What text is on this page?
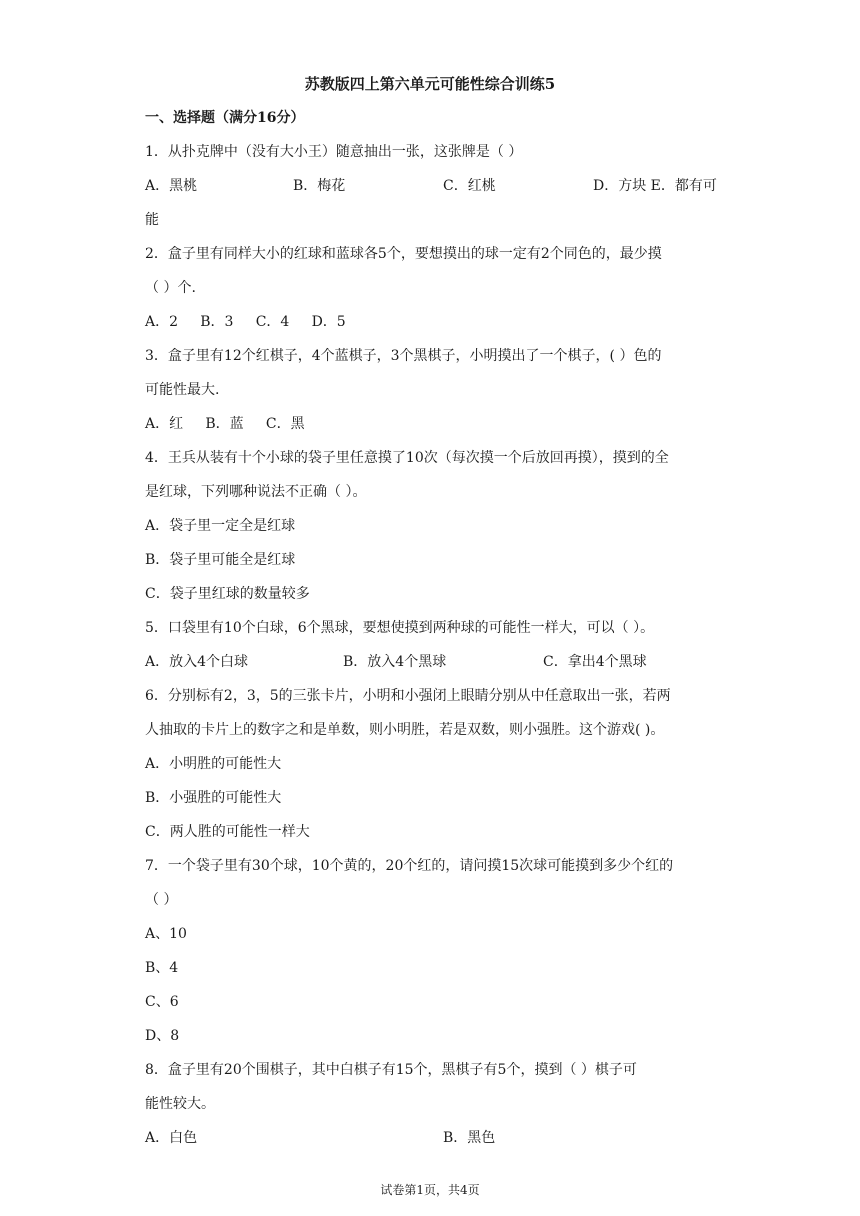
苏教版四上第六单元可能性综合训练5
一、选择题（满分16分）
1．从扑克牌中（没有大小王）随意抽出一张，这张牌是（ ）
A．黑桃	B．梅花	C．红桃	D．方块 E．都有可
能
2．盒子里有同样大小的红球和蓝球各5个，要想摸出的球一定有2个同色的，最少摸
（ ）个.
A．2     B．3     C．4     D．5
3．盒子里有12个红棋子，4个蓝棋子，3个黑棋子，小明摸出了一个棋子，( ）色的
可能性最大.
A．红     B．蓝     C．黑
4．王兵从装有十个小球的袋子里任意摸了10次（每次摸一个后放回再摸），摸到的全
是红球，下列哪种说法不正确（ ）。
A．袋子里一定全是红球
B．袋子里可能全是红球
C．袋子里红球的数量较多
5．口袋里有10个白球，6个黑球，要想使摸到两种球的可能性一样大，可以（ ）。
A．放入4个白球	B．放入4个黑球	C．拿出4个黑球
6．分别标有2，3，5的三张卡片，小明和小强闭上眼睛分别从中任意取出一张，若两
人抽取的卡片上的数字之和是单数，则小明胜，若是双数，则小强胜。这个游戏( )。
A．小明胜的可能性大
B．小强胜的可能性大
C．两人胜的可能性一样大
7．一个袋子里有30个球，10个黄的，20个红的，请问摸15次球可能摸到多少个红的
（ ）
A、10
B、4
C、6
D、8
8．盒子里有20个围棋子，其中白棋子有15个，黑棋子有5个，摸到（ ）棋子可
能性较大。
A．白色	B．黑色
试卷第1页，共4页
